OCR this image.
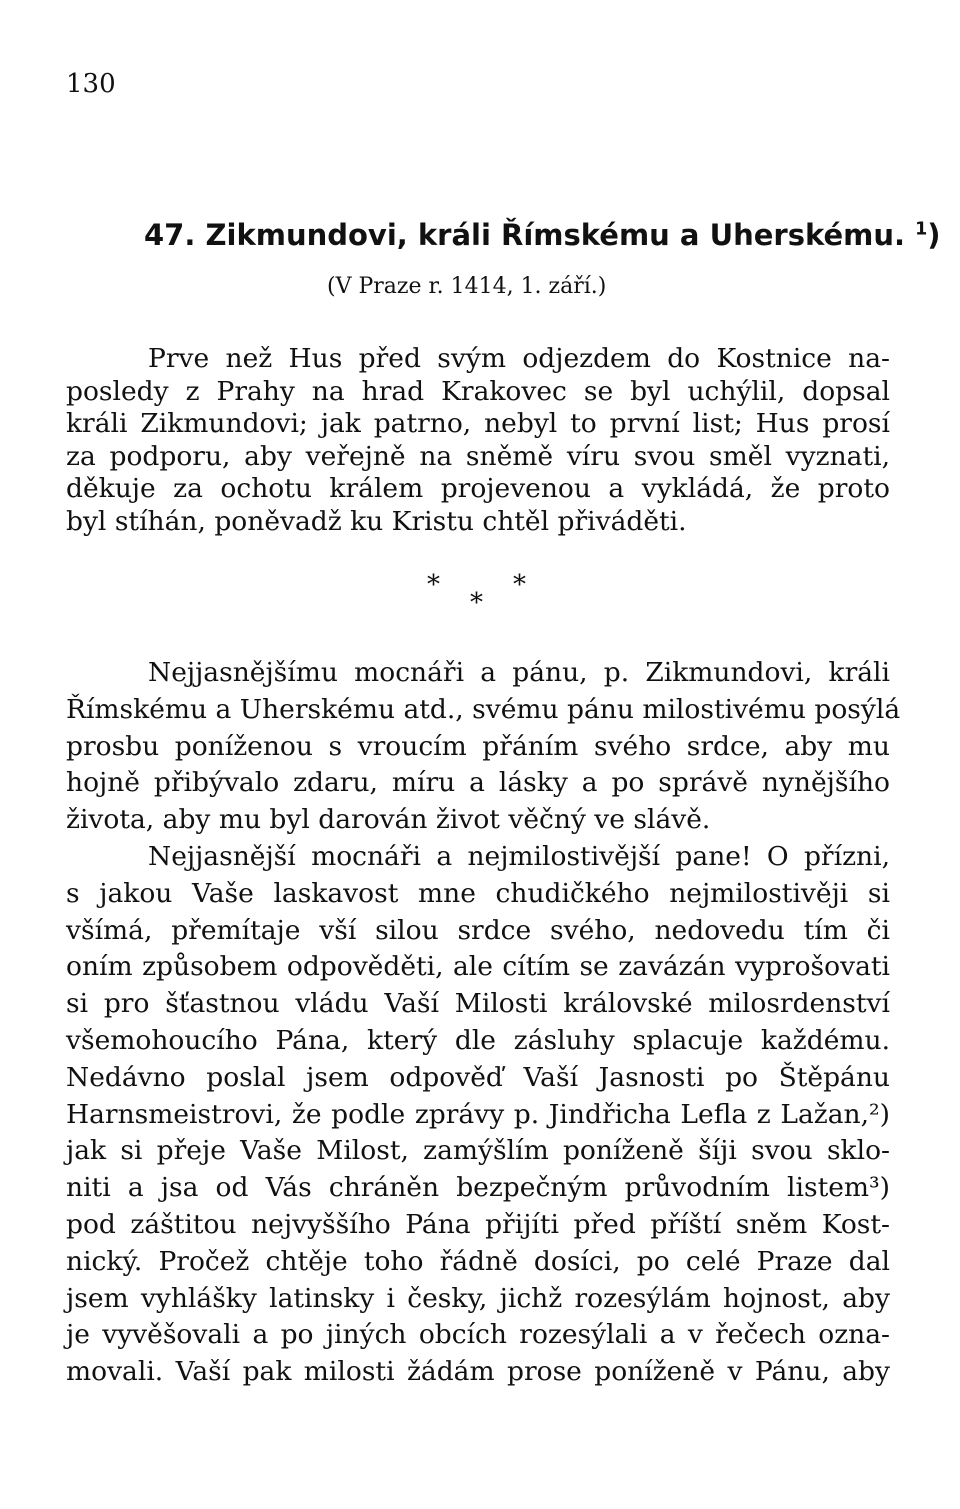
130
47. Zikmundovi, králi Římskému a Uherskému. $^1$)
(V Praze r. 1414, 1. září.)
Prve než Hus před svým odjezdem do Kostnice na-
posledy z Prahy na hrad Krakovec se byl uchýlil, dopsal
králi Zikmundovi; jak patrno, nebyl to první list; Hus prosí
za podporu, aby veřejně na sněmě víru svou směl vyznati,
děkuje za ochotu králem projevenou a vykládá, že proto
byl stíhán, poněvadž ku Kristu chtěl přiváděti.
*	*
*
Nejjasnějšímu mocnáři a pánu, p. Zikmundovi, králi
Římskému a Uherskému atd., svému pánu milostivému posýlá
prosbu poníženou s vroucím přáním svého srdce, aby mu
hojně přibývalo zdaru, míru a lásky a po správě nynějšího
života, aby mu byl darován život věčný ve slávě.
Nejjasnější mocnáři a nejmilostivější pane! O přízni,
s jakou Vaše laskavost mne chudičkého nejmilostivěji si
všímá, přemítaje vší silou srdce svého, nedovedu tím či
oním způsobem odpověděti, ale cítím se zavázán vyprošovati
si pro šťastnou vládu Vaší Milosti královské milosrdenství
všemohoucího Pána, který dle zásluhy splacuje každému.
Nedávno poslal jsem odpověď Vaší Jasnosti po Štěpánu
Harnsmeistrovi, že podle zprávy p. Jindřicha Lefla z Lažan,²)
jak si přeje Vaše Milost, zamýšlím poníženě šíji svou sklo-
niti a jsa od Vás chráněn bezpečným průvodním listem³)
pod záštitou nejvyššího Pána přijíti před příští sněm Kost-
nický. Pročež chtěje toho řádně dosíci, po celé Praze dal
jsem vyhlášky latinsky i česky, jichž rozesýlám hojnost, aby
je vyvěšovali a po jiných obcích rozesýlali a v řečech ozna-
movali. Vaší pak milosti žádám prose poníženě v Pánu, aby
